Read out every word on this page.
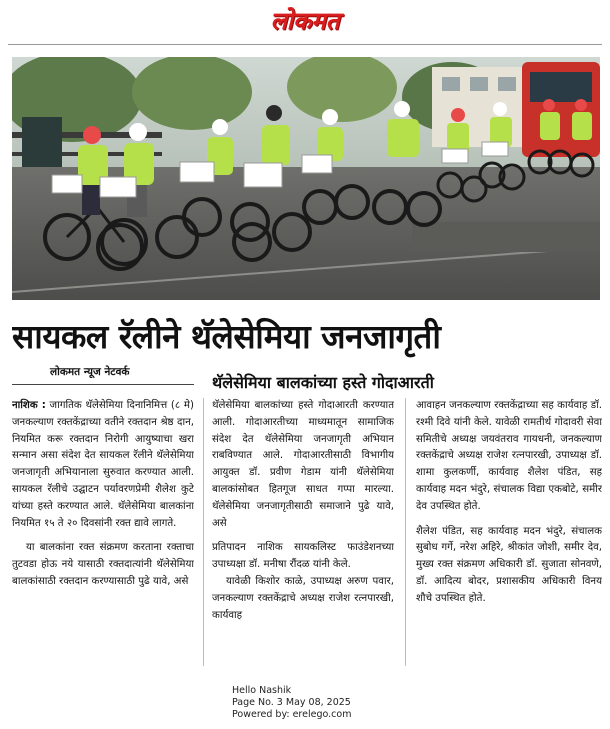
लोकमत
सायकल रॅलीने थॅलेसेमिया जनजागृती
लोकमत न्यूज नेटवर्क
थॅलेसेमिया बालकांच्या हस्ते गोदाआरती

नाशिक : जागतिक थॅलेसेमिया दिनानिमित्त (८ मे) जनकल्याण रक्तकेंद्राच्या वतीने रक्तदान श्रेष्ठ दान, नियमित करू रक्तदान निरोगी आयुष्याचा खरा सन्मान असा संदेश देत सायकल रॅलीने थॅलेसेमिया जनजागृती अभियानाला सुरुवात करण्यात आली. सायकल रॅलीचे उद्घाटन पर्यावरणप्रेमी शैलेश कुटे यांच्या हस्ते करण्यात आले. थॅलेसेमिया बालकांना नियमित १५ ते २० दिवसांनी रक्त द्यावे लागते.

या बालकांना रक्त संक्रमण करताना रक्ताचा तुटवडा होऊ नये यासाठी रक्तदात्यांनी थॅलेसेमिया बालकांसाठी रक्तदान करण्यासाठी पुढे यावे, असे

थॅलेसेमिया बालकांच्या हस्ते गोदाआरती करण्यात आली. गोदाआरतीच्या माध्यमातून सामाजिक संदेश देत थॅलेसेमिया जनजागृती अभियान राबविण्यात आले. गोदाआरतीसाठी विभागीय आयुक्त डॉ. प्रवीण गेडाम यांनी थॅलेसेमिया बालकांसोबत हितगूज साधत गप्पा मारल्या. थॅलेसेमिया जनजागृतीसाठी समाजाने पुढे यावे, असे

प्रतिपादन नाशिक सायकलिस्ट फाउंडेशनच्या उपाध्यक्षा डॉ. मनीषा रौंदळ यांनी केले.

यावेळी किशोर काळे, उपाध्यक्ष अरुण पवार, जनकल्याण रक्तकेंद्राचे अध्यक्ष राजेश रत्नपारखी, कार्यवाह

आवाहन जनकल्याण रक्तकेंद्राच्या सह कार्यवाह डॉ. रश्मी दिवे यांनी केले. यावेळी रामतीर्थ गोदावरी सेवा समितीचे अध्यक्ष जयवंतराव गायधनी, जनकल्याण रक्तकेंद्राचे अध्यक्ष राजेश रत्नपारखी, उपाध्यक्ष डॉ. शामा कुलकर्णी, कार्यवाह शैलेश पंडित, सह कार्यवाह मदन भंदुरे, संचालक विद्या एकबोटे, समीर देव उपस्थित होते.

शैलेश पंडित, सह कार्यवाह मदन भंदुरे, संचालक सुबोध गर्गे, नरेश अहिरे, श्रीकांत जोशी, समीर देव, मुख्य रक्त संक्रमण अधिकारी डॉ. सुजाता सोनवणे, डॉ. आदित्य बोदर, प्रशासकीय अधिकारी विनय शौचे उपस्थित होते.

Hello Nashik
Page No. 3 May 08, 2025
Powered by: erelego.com
